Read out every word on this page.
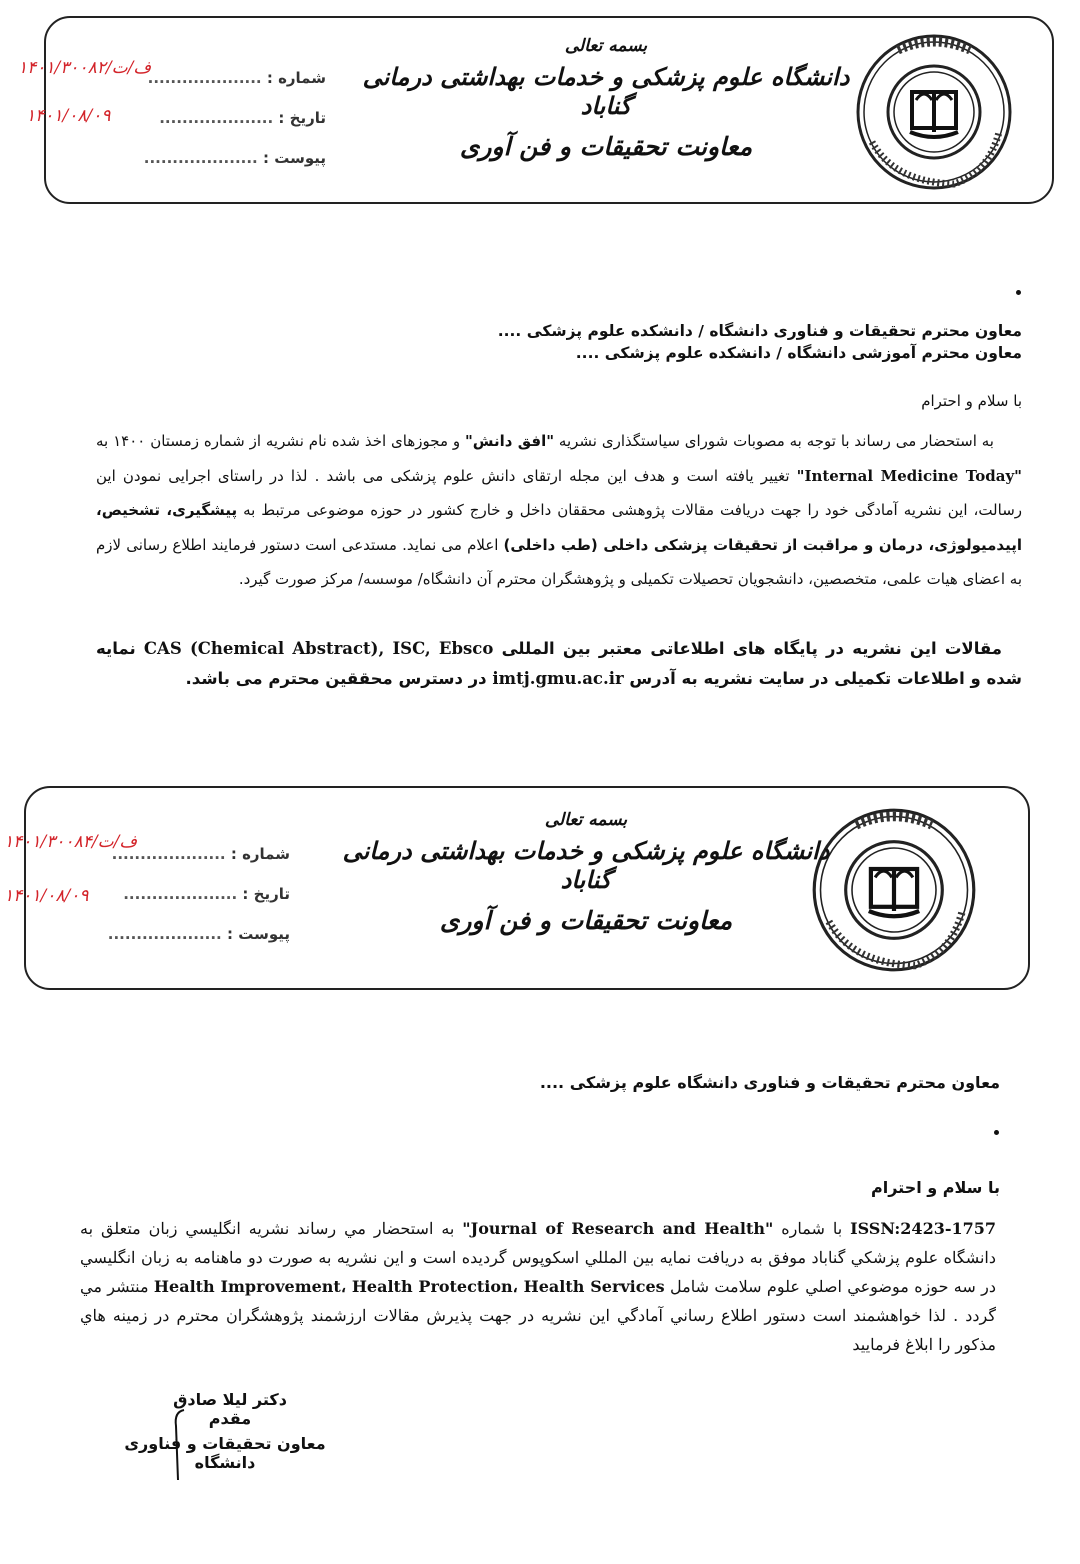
بسمه تعالی
دانشگاه علوم پزشکی و خدمات بهداشتی درمانی گناباد
معاونت تحقیقات و فن آوری
شماره : ....................
تاریخ : ....................
پیوست : ....................
۱۴۰۱/۳۰۰۸۲/ف/ت
۱۴۰۱/۰۸/۰۹
معاون محترم تحقیقات و فناوری دانشگاه / دانشکده علوم پزشکی ....
معاون محترم آموزشی دانشگاه / دانشکده علوم پزشکی ....
با سلام و احترام
به استحضار می رساند با توجه به مصوبات شورای سیاستگذاری نشریه "افق دانش" و مجوزهای اخذ شده نام نشریه از شماره زمستان ۱۴۰۰ به "Internal Medicine Today" تغییر یافته است و هدف این مجله ارتقای دانش علوم پزشکی می باشد . لذا در راستای اجرایی نمودن این رسالت، این نشریه آمادگی خود را جهت دریافت مقالات پژوهشی محققان داخل و خارج کشور در حوزه موضوعی مرتبط به پیشگیری، تشخیص، اپیدمیولوژی، درمان و مراقبت از تحقیقات پزشکی داخلی (طب داخلی) اعلام می نماید. مستدعی است دستور فرمایند اطلاع رسانی لازم به اعضای هیات علمی، متخصصین، دانشجویان تحصیلات تکمیلی و پژوهشگران محترم آن دانشگاه/ موسسه/ مرکز صورت گیرد.
مقالات این نشریه در پایگاه های اطلاعاتی معتبر بین المللی CAS (Chemical Abstract), ISC, Ebsco نمایه شده و اطلاعات تکمیلی در سایت نشریه به آدرس imtj.gmu.ac.ir در دسترس محققین محترم می باشد.
بسمه تعالی
دانشگاه علوم پزشکی و خدمات بهداشتی درمانی گناباد
معاونت تحقیقات و فن آوری
شماره : ....................
تاریخ : ....................
پیوست : ....................
۱۴۰۱/۳۰۰۸۴/ف/ت
۱۴۰۱/۰۸/۰۹
معاون محترم تحقیقات و فناوری دانشگاه علوم پزشکی ....
با سلام و احترام
ISSN:2423-1757 با شماره "Journal of Research and Health" به استحضار مي رساند نشريه انگليسي زبان متعلق به دانشگاه علوم پزشكي گناباد موفق به دريافت نمايه بين المللي اسكوپوس گرديده است و اين نشريه به صورت دو ماهنامه به زبان انگليسي در سه حوزه موضوعي اصلي علوم سلامت شامل Health Improvement، Health Protection، Health Services منتشر مي گردد . لذا خواهشمند است دستور اطلاع رساني آمادگي اين نشريه در جهت پذيرش مقالات ارزشمند پژوهشگران محترم در زمينه هاي مذكور را ابلاغ فرماييد
دکتر لیلا صادق مقدم
معاون تحقیقات و فناوری دانشگاه
